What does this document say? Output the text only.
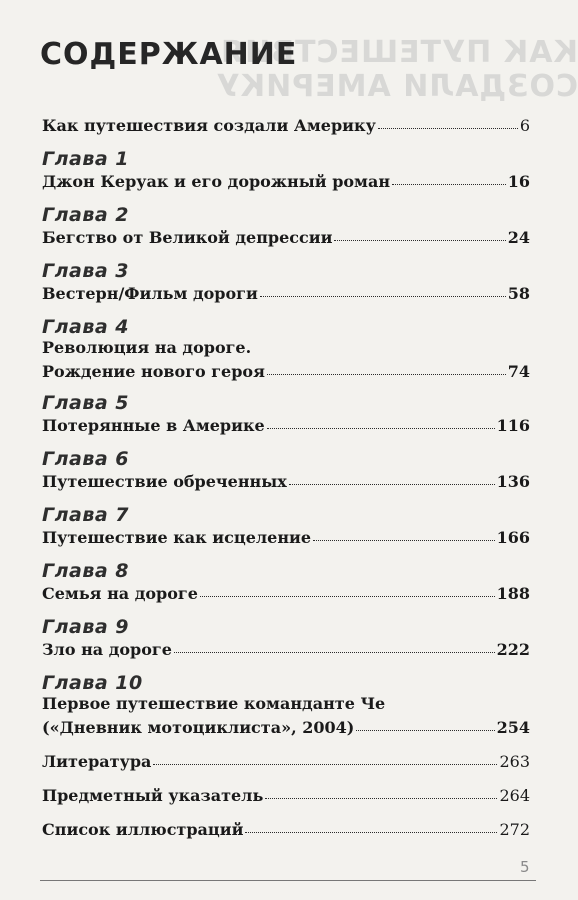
КАК ПУТЕШЕСТВИЯ
СОЗДАЛИ АМЕРИКУ
СОДЕРЖАНИЕ
Как путешествия создали Америку	6
Глава 1
Джон Керуак и его дорожный роман	16
Глава 2
Бегство от Великой депрессии	24
Глава 3
Вестерн/Фильм дороги	58
Глава 4
Революция на дороге.
Рождение нового героя	74
Глава 5
Потерянные в Америке	116
Глава 6
Путешествие обреченных	136
Глава 7
Путешествие как исцеление	166
Глава 8
Семья на дороге	188
Глава 9
Зло на дороге	222
Глава 10
Первое путешествие команданте Че
(«Дневник мотоциклиста», 2004)	254
Литература	263
Предметный указатель	264
Список иллюстраций	272
5
